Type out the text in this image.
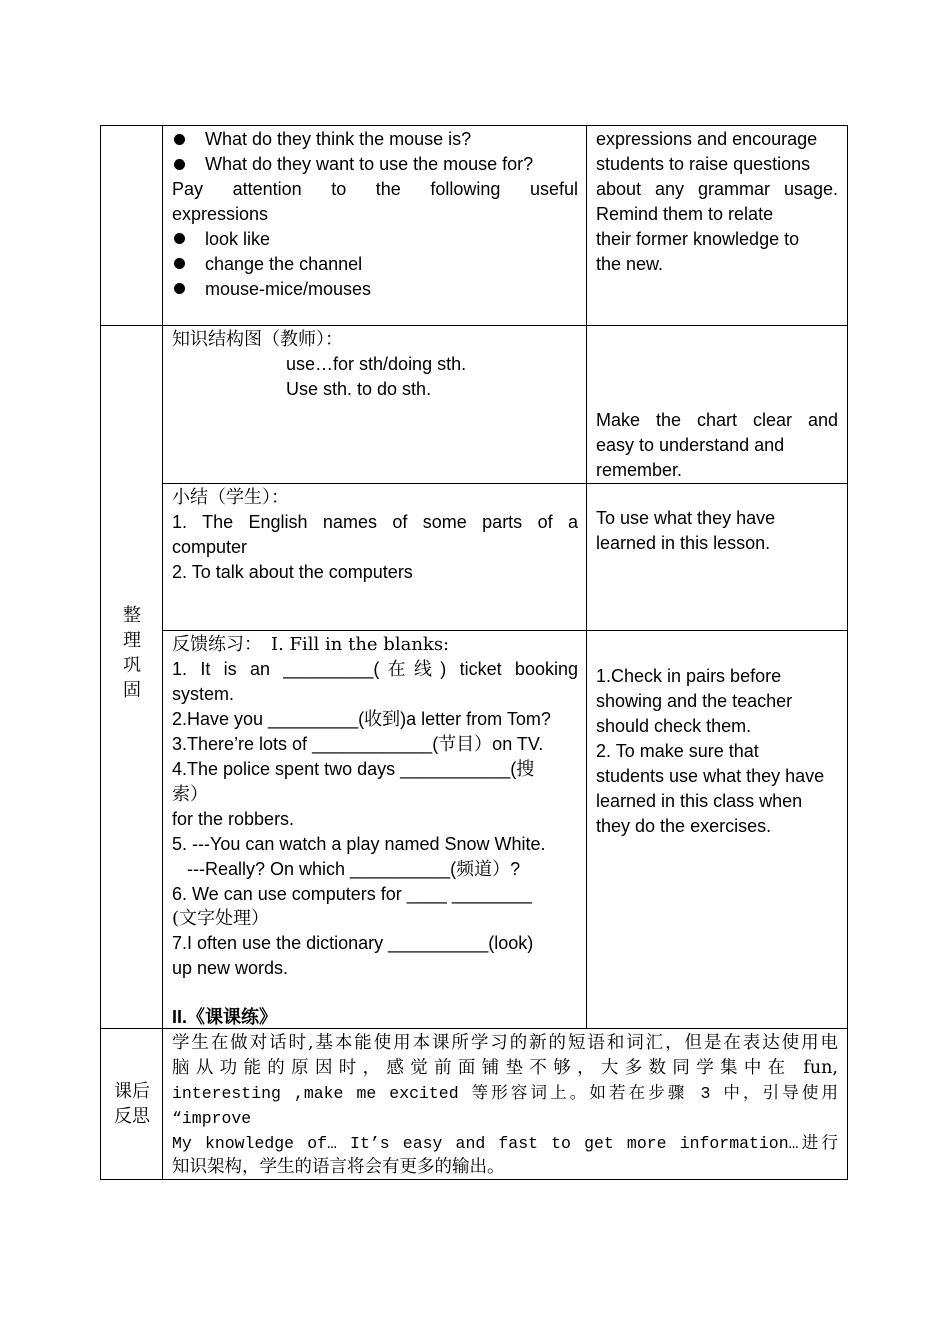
What do they think the mouse is?
What do they want to use the mouse for?
Pay attention to the following useful
expressions
look like
change the channel
mouse-mice/mouses
expressions and encourage
students to raise questions
about any grammar usage.
Remind them to relate
their former knowledge to
the new.
整理巩固
知识结构图（教师）：
use…for sth/doing sth.
Use sth. to do sth.
Make the chart clear and
easy to understand and
remember.
小结（学生）：
1. The English names of some parts of a
computer
2. To talk about the computers
To use what they have
learned in this lesson.
反馈练习： I. Fill in the blanks:
1. It is an _________(在线) ticket booking
system.
2.Have you _________(收到)a letter from Tom?
3.There’re lots of ____________(节目）on TV.
4.The police spent two days ___________(搜
索）
for the robbers.
5. ---You can watch a play named Snow White.
---Really? On which __________(频道）?
6. We can use computers for ____ ________
(文字处理）
7.I often use the dictionary __________(look)
up new words.
II.《课课练》
1.Check in pairs before
showing and the teacher
should check them.
2. To make sure that
students use what they have
learned in this class when
they do the exercises.
课后反思
学生在做对话时,基本能使用本课所学习的新的短语和词汇，但是在表达使用电
脑从功能的原因时，感觉前面铺垫不够，大多数同学集中在 fun,
interesting ,make me excited 等形容词上。如若在步骤 3 中，引导使用
“improve
My knowledge of… It’s easy and fast to get more information…进行
知识架构，学生的语言将会有更多的输出。
